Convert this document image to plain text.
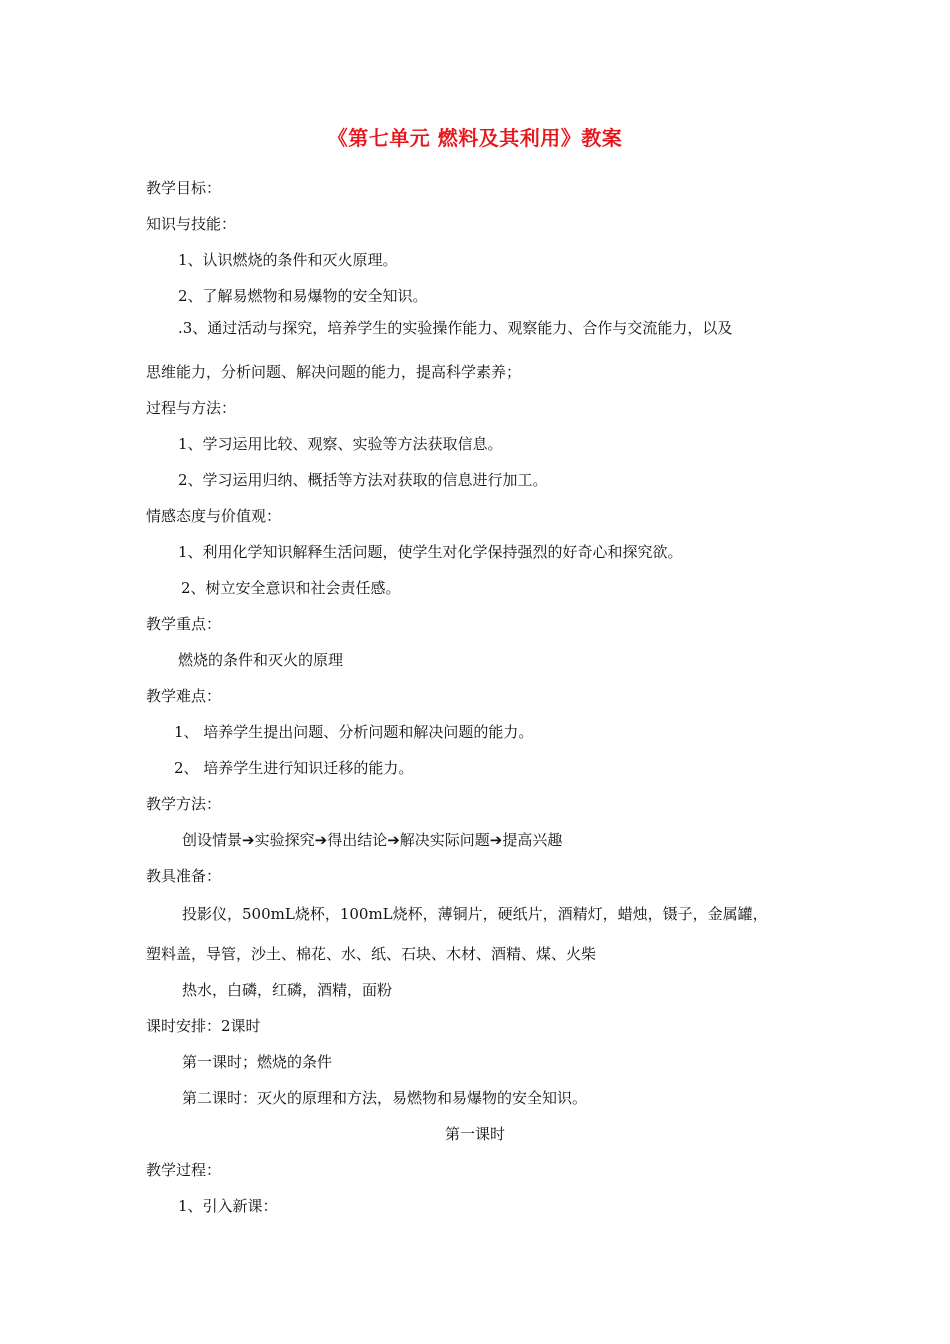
《第七单元 燃料及其利用》教案
教学目标：
知识与技能：
1、认识燃烧的条件和灭火原理。
2、了解易燃物和易爆物的安全知识。
.3、通过活动与探究，培养学生的实验操作能力、观察能力、合作与交流能力，以及
思维能力，分析问题、解决问题的能力，提高科学素养；
过程与方法：
1、学习运用比较、观察、实验等方法获取信息。
2、学习运用归纳、概括等方法对获取的信息进行加工。
情感态度与价值观：
1、利用化学知识解释生活问题，使学生对化学保持强烈的好奇心和探究欲。
2、树立安全意识和社会责任感。
教学重点：
燃烧的条件和灭火的原理
教学难点：
1、 培养学生提出问题、分析问题和解决问题的能力。
2、 培养学生进行知识迁移的能力。
教学方法：
创设情景➔实验探究➔得出结论➔解决实际问题➔提高兴趣
教具准备：
投影仪，500mL烧杯，100mL烧杯，薄铜片，硬纸片，酒精灯，蜡烛，镊子，金属罐，
塑料盖，导管，沙土、棉花、水、纸、石块、木材、酒精、煤、火柴
热水，白磷，红磷，酒精，面粉
课时安排：2课时
第一课时；燃烧的条件
第二课时：灭火的原理和方法，易燃物和易爆物的安全知识。
第一课时
教学过程：
1、引入新课：
